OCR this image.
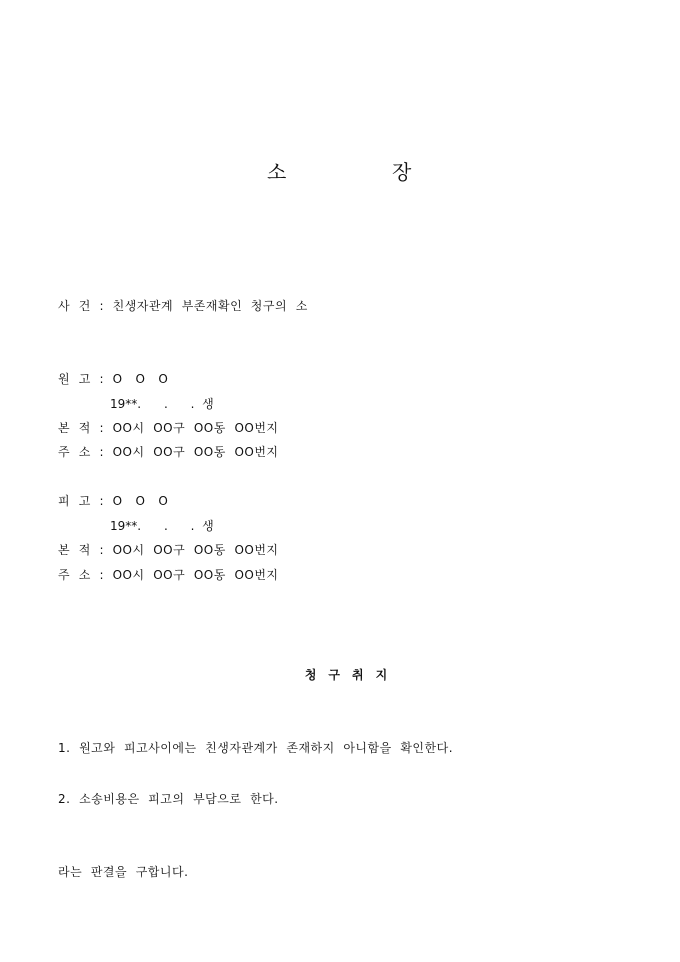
소	장
사  건  :  친생자관계  부존재확인  청구의  소
원  고  :  O   O   O
19**.      .      .  생
본  적  :  OO시  OO구  OO동  OO번지
주  소  :  OO시  OO구  OO동  OO번지
피  고  :  O   O   O
19**.      .      .  생
본  적  :  OO시  OO구  OO동  OO번지
주  소  :  OO시  OO구  OO동  OO번지
청구취지
1.  원고와  피고사이에는  친생자관계가  존재하지  아니함을  확인한다.
2.  소송비용은  피고의  부담으로  한다.
라는  판결을  구합니다.
